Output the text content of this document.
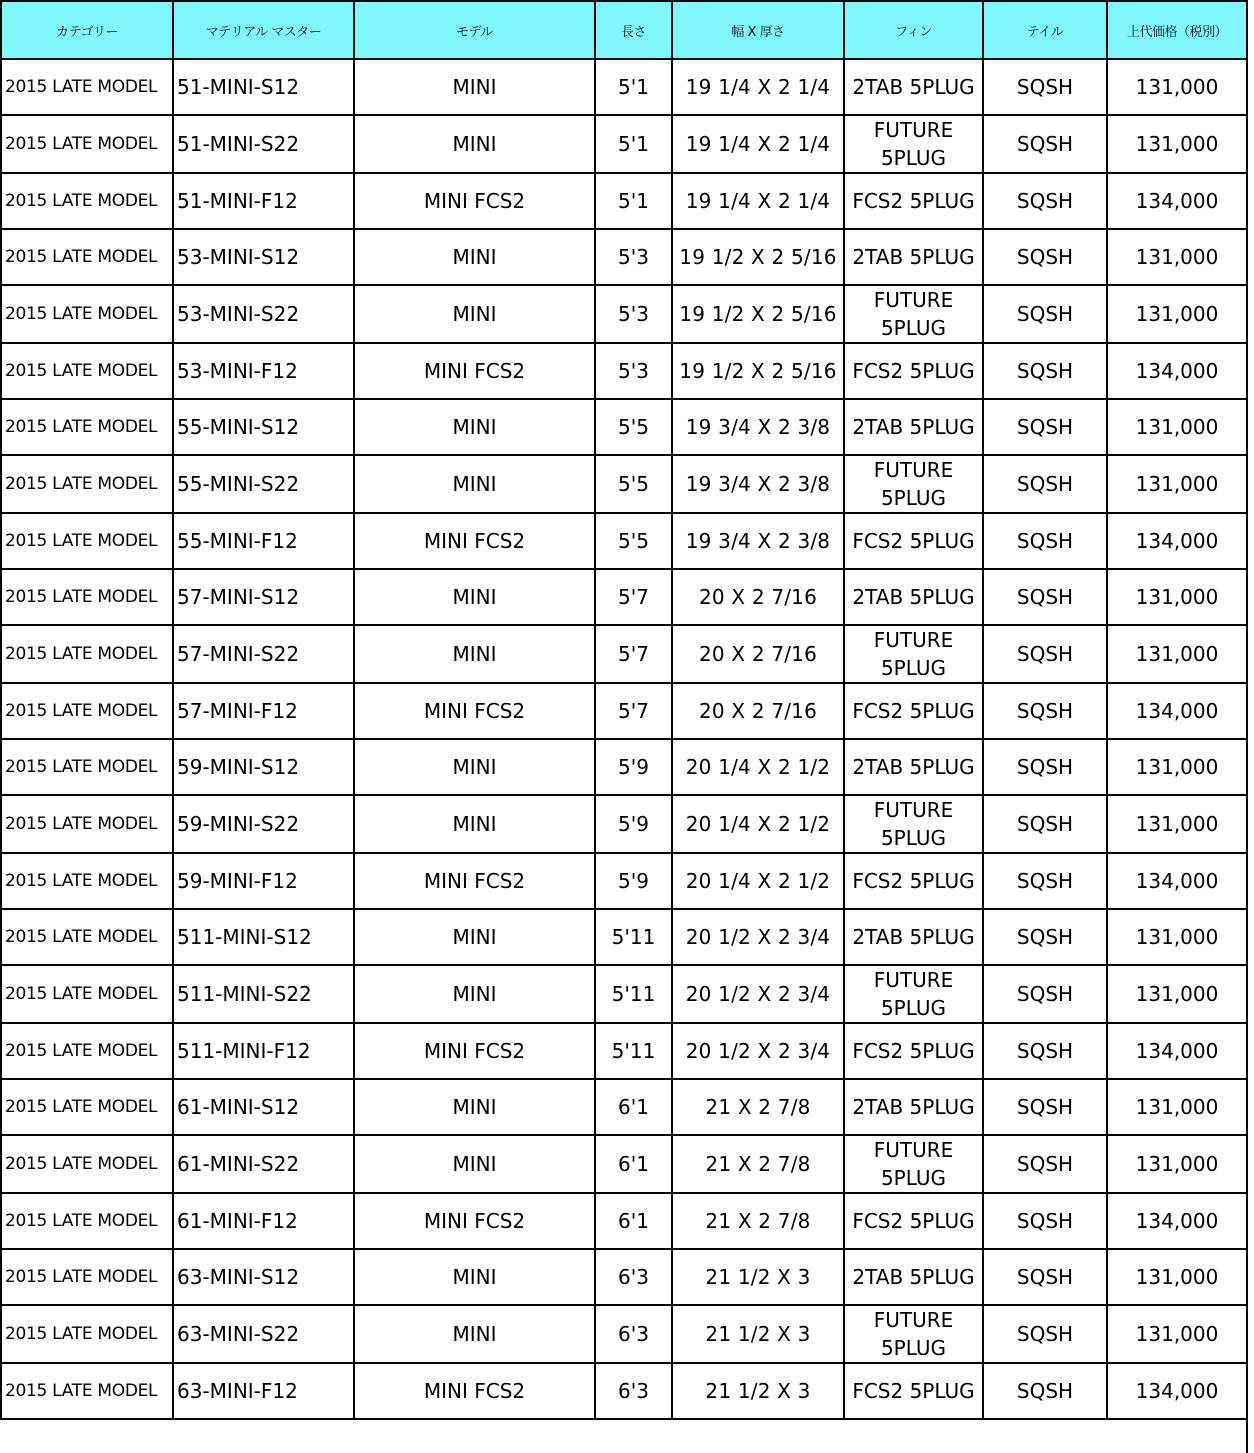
カテゴリー	マテリアル マスター	モデル	長さ	幅 X 厚さ	フィン	テイル	上代価格（税別）
2015 LATE MODEL	51-MINI-S12	MINI	5'1	19 1/4 X 2 1/4	2TAB 5PLUG	SQSH	131,000
2015 LATE MODEL	51-MINI-S22	MINI	5'1	19 1/4 X 2 1/4	FUTURE 5PLUG	SQSH	131,000
2015 LATE MODEL	51-MINI-F12	MINI FCS2	5'1	19 1/4 X 2 1/4	FCS2 5PLUG	SQSH	134,000
2015 LATE MODEL	53-MINI-S12	MINI	5'3	19 1/2 X 2 5/16	2TAB 5PLUG	SQSH	131,000
2015 LATE MODEL	53-MINI-S22	MINI	5'3	19 1/2 X 2 5/16	FUTURE 5PLUG	SQSH	131,000
2015 LATE MODEL	53-MINI-F12	MINI FCS2	5'3	19 1/2 X 2 5/16	FCS2 5PLUG	SQSH	134,000
2015 LATE MODEL	55-MINI-S12	MINI	5'5	19 3/4 X 2 3/8	2TAB 5PLUG	SQSH	131,000
2015 LATE MODEL	55-MINI-S22	MINI	5'5	19 3/4 X 2 3/8	FUTURE 5PLUG	SQSH	131,000
2015 LATE MODEL	55-MINI-F12	MINI FCS2	5'5	19 3/4 X 2 3/8	FCS2 5PLUG	SQSH	134,000
2015 LATE MODEL	57-MINI-S12	MINI	5'7	20 X 2 7/16	2TAB 5PLUG	SQSH	131,000
2015 LATE MODEL	57-MINI-S22	MINI	5'7	20 X 2 7/16	FUTURE 5PLUG	SQSH	131,000
2015 LATE MODEL	57-MINI-F12	MINI FCS2	5'7	20 X 2 7/16	FCS2 5PLUG	SQSH	134,000
2015 LATE MODEL	59-MINI-S12	MINI	5'9	20 1/4 X 2 1/2	2TAB 5PLUG	SQSH	131,000
2015 LATE MODEL	59-MINI-S22	MINI	5'9	20 1/4 X 2 1/2	FUTURE 5PLUG	SQSH	131,000
2015 LATE MODEL	59-MINI-F12	MINI FCS2	5'9	20 1/4 X 2 1/2	FCS2 5PLUG	SQSH	134,000
2015 LATE MODEL	511-MINI-S12	MINI	5'11	20 1/2 X 2 3/4	2TAB 5PLUG	SQSH	131,000
2015 LATE MODEL	511-MINI-S22	MINI	5'11	20 1/2 X 2 3/4	FUTURE 5PLUG	SQSH	131,000
2015 LATE MODEL	511-MINI-F12	MINI FCS2	5'11	20 1/2 X 2 3/4	FCS2 5PLUG	SQSH	134,000
2015 LATE MODEL	61-MINI-S12	MINI	6'1	21 X 2 7/8	2TAB 5PLUG	SQSH	131,000
2015 LATE MODEL	61-MINI-S22	MINI	6'1	21 X 2 7/8	FUTURE 5PLUG	SQSH	131,000
2015 LATE MODEL	61-MINI-F12	MINI FCS2	6'1	21 X 2 7/8	FCS2 5PLUG	SQSH	134,000
2015 LATE MODEL	63-MINI-S12	MINI	6'3	21 1/2 X 3	2TAB 5PLUG	SQSH	131,000
2015 LATE MODEL	63-MINI-S22	MINI	6'3	21 1/2 X 3	FUTURE 5PLUG	SQSH	131,000
2015 LATE MODEL	63-MINI-F12	MINI FCS2	6'3	21 1/2 X 3	FCS2 5PLUG	SQSH	134,000
